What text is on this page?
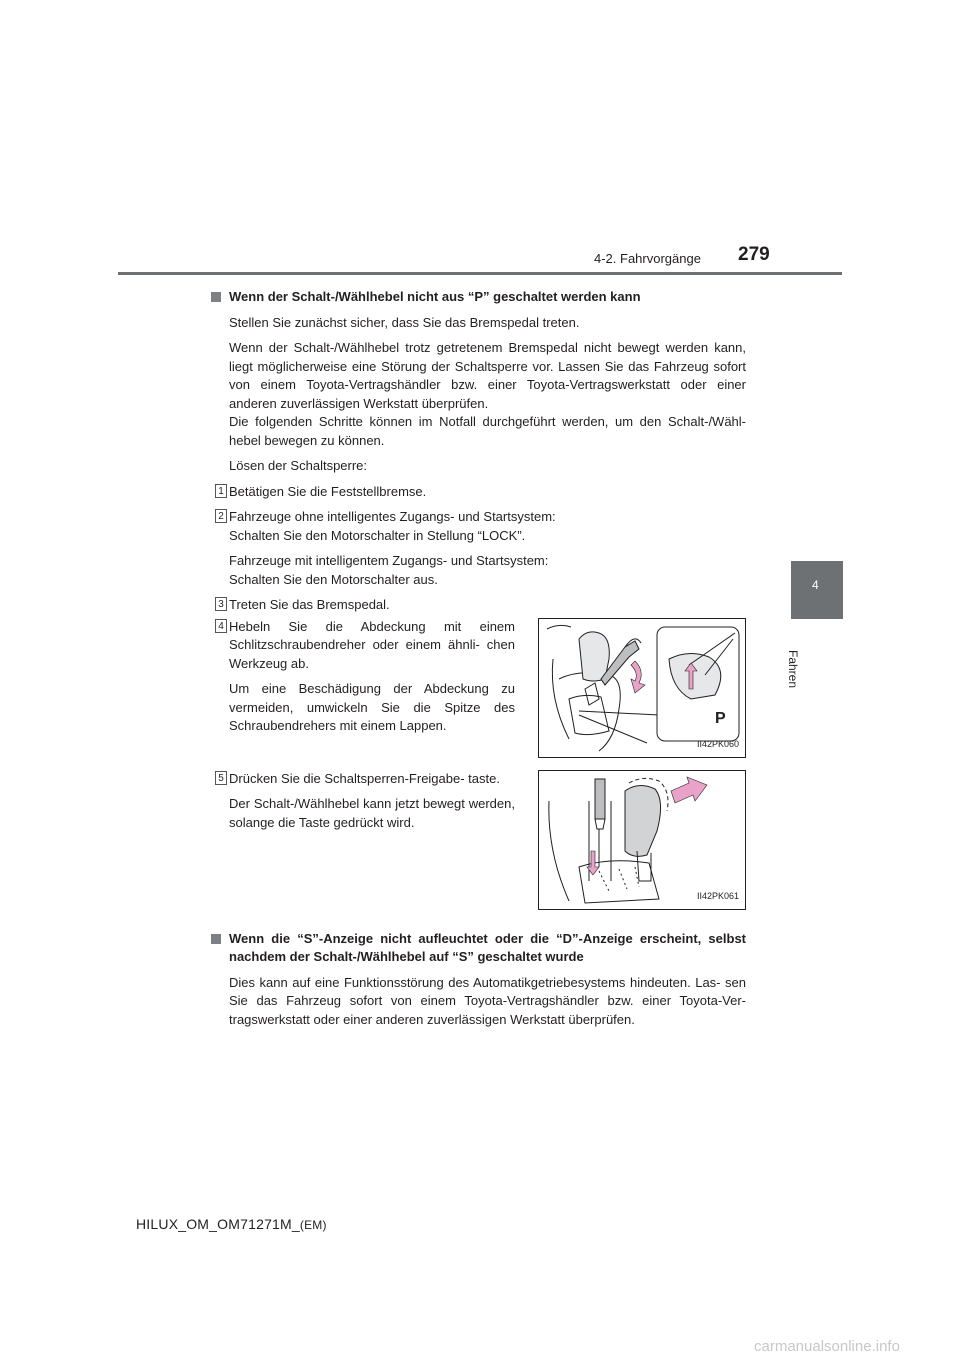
4-2. Fahrvorgänge 279
4
Fahren
Wenn der Schalt-/Wählhebel nicht aus “P” geschaltet werden kann
Stellen Sie zunächst sicher, dass Sie das Bremspedal treten.
Wenn der Schalt-/Wählhebel trotz getretenem Bremspedal nicht bewegt werden kann, liegt möglicherweise eine Störung der Schaltsperre vor. Lassen Sie das Fahrzeug sofort von einem Toyota-Vertragshändler bzw. einer Toyota-Vertragswerkstatt oder einer anderen zuverlässigen Werkstatt überprüfen.
Die folgenden Schritte können im Notfall durchgeführt werden, um den Schalt-/Wähl- hebel bewegen zu können.
Lösen der Schaltsperre:
1 Betätigen Sie die Feststellbremse.
2 Fahrzeuge ohne intelligentes Zugangs- und Startsystem:
Schalten Sie den Motorschalter in Stellung “LOCK”.
Fahrzeuge mit intelligentem Zugangs- und Startsystem:
Schalten Sie den Motorschalter aus.
3 Treten Sie das Bremspedal.
4 Hebeln Sie die Abdeckung mit einem Schlitzschraubendreher oder einem ähnli- chen Werkzeug ab.
Um eine Beschädigung der Abdeckung zu vermeiden, umwickeln Sie die Spitze des Schraubendrehers mit einem Lappen.	P
II42PK060
5 Drücken Sie die Schaltsperren-Freigabe- taste.
Der Schalt-/Wählhebel kann jetzt bewegt werden, solange die Taste gedrückt wird.
II42PK061
Wenn die “S”-Anzeige nicht aufleuchtet oder die “D”-Anzeige erscheint, selbst nachdem der Schalt-/Wählhebel auf “S” geschaltet wurde
Dies kann auf eine Funktionsstörung des Automatikgetriebesystems hindeuten. Las- sen Sie das Fahrzeug sofort von einem Toyota-Vertragshändler bzw. einer Toyota-Ver- tragswerkstatt oder einer anderen zuverlässigen Werkstatt überprüfen.
HILUX_OM_OM71271M_(EM)
carmanualsonline.info
